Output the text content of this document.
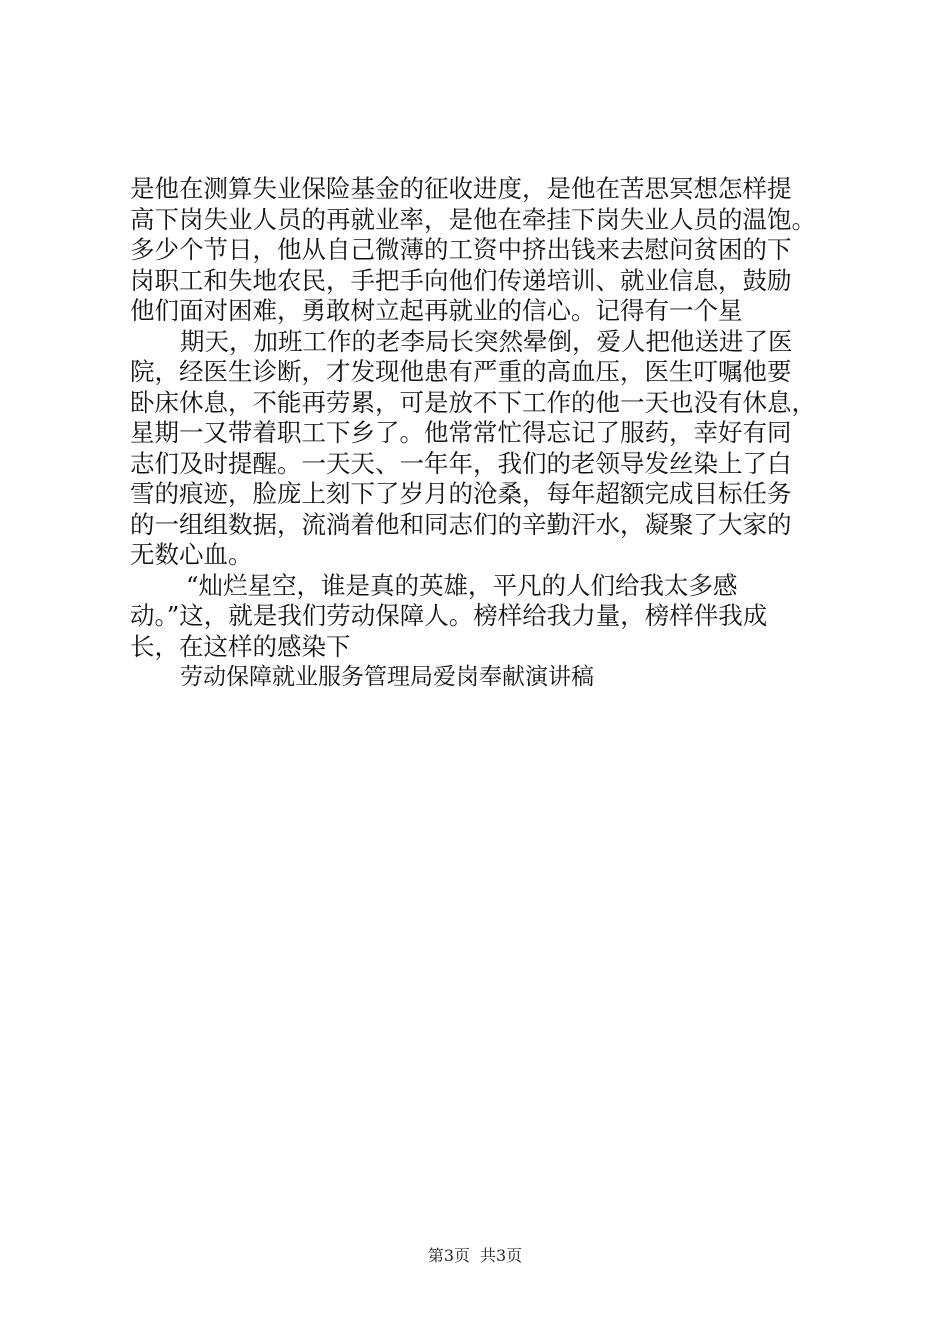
是他在测算失业保险基金的征收进度，是他在苦思冥想怎样提
高下岗失业人员的再就业率，是他在牵挂下岗失业人员的温饱。
多少个节日，他从自己微薄的工资中挤出钱来去慰问贫困的下
岗职工和失地农民，手把手向他们传递培训、就业信息，鼓励
他们面对困难，勇敢树立起再就业的信心。记得有一个星
期天，加班工作的老李局长突然晕倒，爱人把他送进了医
院，经医生诊断，才发现他患有严重的高血压，医生叮嘱他要
卧床休息，不能再劳累，可是放不下工作的他一天也没有休息，
星期一又带着职工下乡了。他常常忙得忘记了服药，幸好有同
志们及时提醒。一天天、一年年，我们的老领导发丝染上了白
雪的痕迹，脸庞上刻下了岁月的沧桑，每年超额完成目标任务
的一组组数据，流淌着他和同志们的辛勤汗水，凝聚了大家的
无数心血。
“灿烂星空，谁是真的英雄，平凡的人们给我太多感
动。”这，就是我们劳动保障人。榜样给我力量，榜样伴我成
长，在这样的感染下
劳动保障就业服务管理局爱岗奉献演讲稿
第3页 共3页
